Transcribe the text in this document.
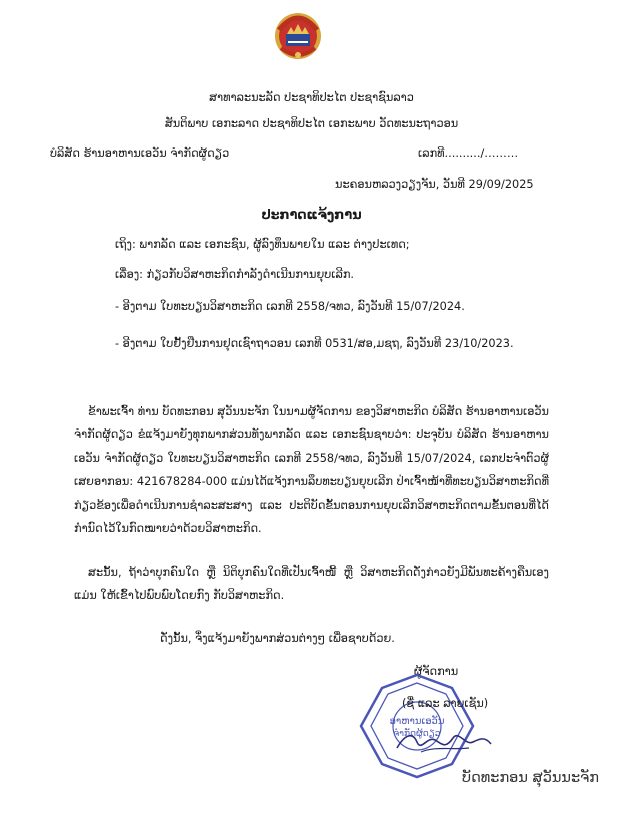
ສາທາລະນະລັດ ປະຊາທິປະໄຕ ປະຊາຊົນລາວ
ສັນຕິພາບ ເອກະລາດ ປະຊາທິປະໄຕ ເອກະພາບ ວັດທະນະຖາວອນ
ບໍລິສັດ ຮ້ານອາຫານເອວັນ ຈຳກັດຜູ້ດຽວ	ເລກທີ........../………
ນະຄອນຫລວງວຽງຈັນ, ວັນທີ 29/09/2025
ປະກາດແຈ້ງການ
ເຖິງ: ພາກລັດ ແລະ ເອກະຊົນ, ຜູ້ລົງທຶນພາຍໃນ ແລະ ຕ່າງປະເທດ;
ເລື່ອງ: ກ່ຽວກັບວິສາຫະກິດກຳລັງດຳເນີນການຍຸບເລີກ.
- ອີງຕາມ ໃບທະບຽນວິສາຫະກິດ ເລກທີ 2558/ຈທວ, ລົງວັນທີ 15/07/2024.
- ອີງຕາມ ໃບຢັ້ງຢືນການຢຸດເຊົາຖາວອນ ເລກທີ 0531/ສອ,ມຊຖ, ລົງວັນທີ 23/10/2023.
ຂ້າພະເຈົ້າ ທ່ານ ບັດທະກອນ ສຸວັນນະຈັກ ໃນນາມຜູ້ຈັດການ ຂອງວິສາຫະກິດ ບໍລິສັດ ຮ້ານອາຫານເອວັນ ຈຳກັດຜູ້ດຽວ ຂໍແຈ້ງມາຍັງທຸກພາກສ່ວນທັງພາກລັດ ແລະ ເອກະຊົນຊາບວ່າ: ປະຈຸບັນ ບໍລິສັດ ຮ້ານອາຫານເອວັນ ຈຳກັດຜູ້ດຽວ ໃບທະບຽນວິສາຫະກິດ ເລກທີ 2558/ຈທວ, ລົງວັນທີ 15/07/2024, ເລກປະຈຳຕົວຜູ້ເສຍອາກອນ: 421678284-000 ແມ່ນໄດ້ແຈ້ງການລຶບທະບຽນຍຸບເລີກ ປ່າເຈົ້າໜ້າທີ່ທະບຽນວິສາຫະກິດທີ່ກ່ຽວຂ້ອງເພື່ອດຳເນີນການຊຳລະສະສາງ ແລະ ປະຕິບັດຂັ້ນຕອນການຍຸບເລີກວິສາຫະກິດຕາມຂັ້ນຕອນທີ່ໄດ້ກຳນົດໄວ້ໃນກົດໝາຍວ່າດ້ວຍວິສາຫະກິດ.
ສະນັ້ນ, ຖ້າວ່າບຸກຄົນໃດ ຫຼື ນິຕິບຸກຄົນໃດທີ່ເປັນເຈົ້າໜີ້ ຫຼື ວິສາຫະກິດດັ່ງກ່າວຍັງມີພັນທະຄ້າງຄືນເອງແມ່ນ ໃຫ້ເຂົ້າໄປພົບພົບໂດຍກົງ ກັບວິສາຫະກິດ.
ດັ່ງນັ້ນ, ຈຶ່ງແຈ້ງມາຍັງພາກສ່ວນຕ່າງໆ ເພື່ອຊາບດ້ວຍ.
ຜູ້ຈັດການ
ອາຫານເອວັນ
ຈຳກັດຜູ້ດຽວ
(ຊື່ ແລະ ລາຍເຊັນ)
ບັດທະກອນ ສຸວັນນະຈັກ
